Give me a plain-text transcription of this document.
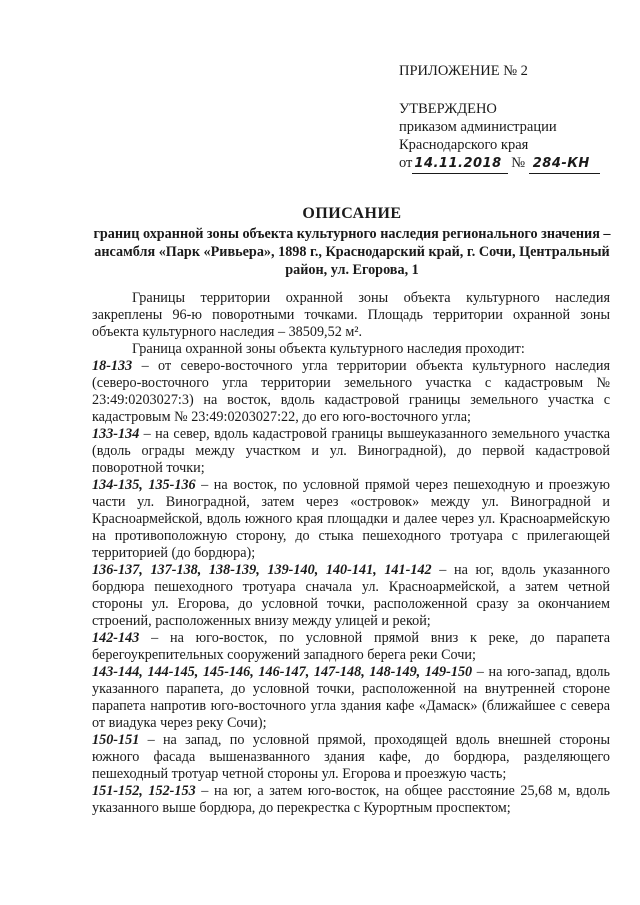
ПРИЛОЖЕНИЕ № 2

УТВЕРЖДЕНО

приказом администрации

Краснодарского края

от 14.11.2018 № 284-КН

ОПИСАНИЕ
границ охранной зоны объекта культурного наследия регионального значения – ансамбля «Парк «Ривьера», 1898 г., Краснодарский край, г. Сочи, Центральный район, ул. Егорова, 1

Границы территории охранной зоны объекта культурного наследия закреплены 96-ю поворотными точками. Площадь территории охранной зоны объекта культурного наследия – 38509,52 м².

Граница охранной зоны объекта культурного наследия проходит:

18-133 – от северо-восточного угла территории объекта культурного наследия (северо-восточного угла территории земельного участка с кадастровым № 23:49:0203027:3) на восток, вдоль кадастровой границы земельного участка с кадастровым № 23:49:0203027:22, до его юго-восточного угла;

133-134 – на север, вдоль кадастровой границы вышеуказанного земельного участка (вдоль ограды между участком и ул. Виноградной), до первой кадастровой поворотной точки;

134-135, 135-136 – на восток, по условной прямой через пешеходную и проезжую части ул. Виноградной, затем через «островок» между ул. Виноградной и Красноармейской, вдоль южного края площадки и далее через ул. Красноармейскую на противоположную сторону, до стыка пешеходного тротуара с прилегающей территорией (до бордюра);

136-137, 137-138, 138-139, 139-140, 140-141, 141-142 – на юг, вдоль указанного бордюра пешеходного тротуара сначала ул. Красноармейской, а затем четной стороны ул. Егорова, до условной точки, расположенной сразу за окончанием строений, расположенных внизу между улицей и рекой;

142-143 – на юго-восток, по условной прямой вниз к реке, до парапета берегоукрепительных сооружений западного берега реки Сочи;

143-144, 144-145, 145-146, 146-147, 147-148, 148-149, 149-150 – на юго-запад, вдоль указанного парапета, до условной точки, расположенной на внутренней стороне парапета напротив юго-восточного угла здания кафе «Дамаск» (ближайшее с севера от виадука через реку Сочи);

150-151 – на запад, по условной прямой, проходящей вдоль внешней стороны южного фасада вышеназванного здания кафе, до бордюра, разделяющего пешеходный тротуар четной стороны ул. Егорова и проезжую часть;

151-152, 152-153 – на юг, а затем юго-восток, на общее расстояние 25,68 м, вдоль указанного выше бордюра, до перекрестка с Курортным проспектом;
